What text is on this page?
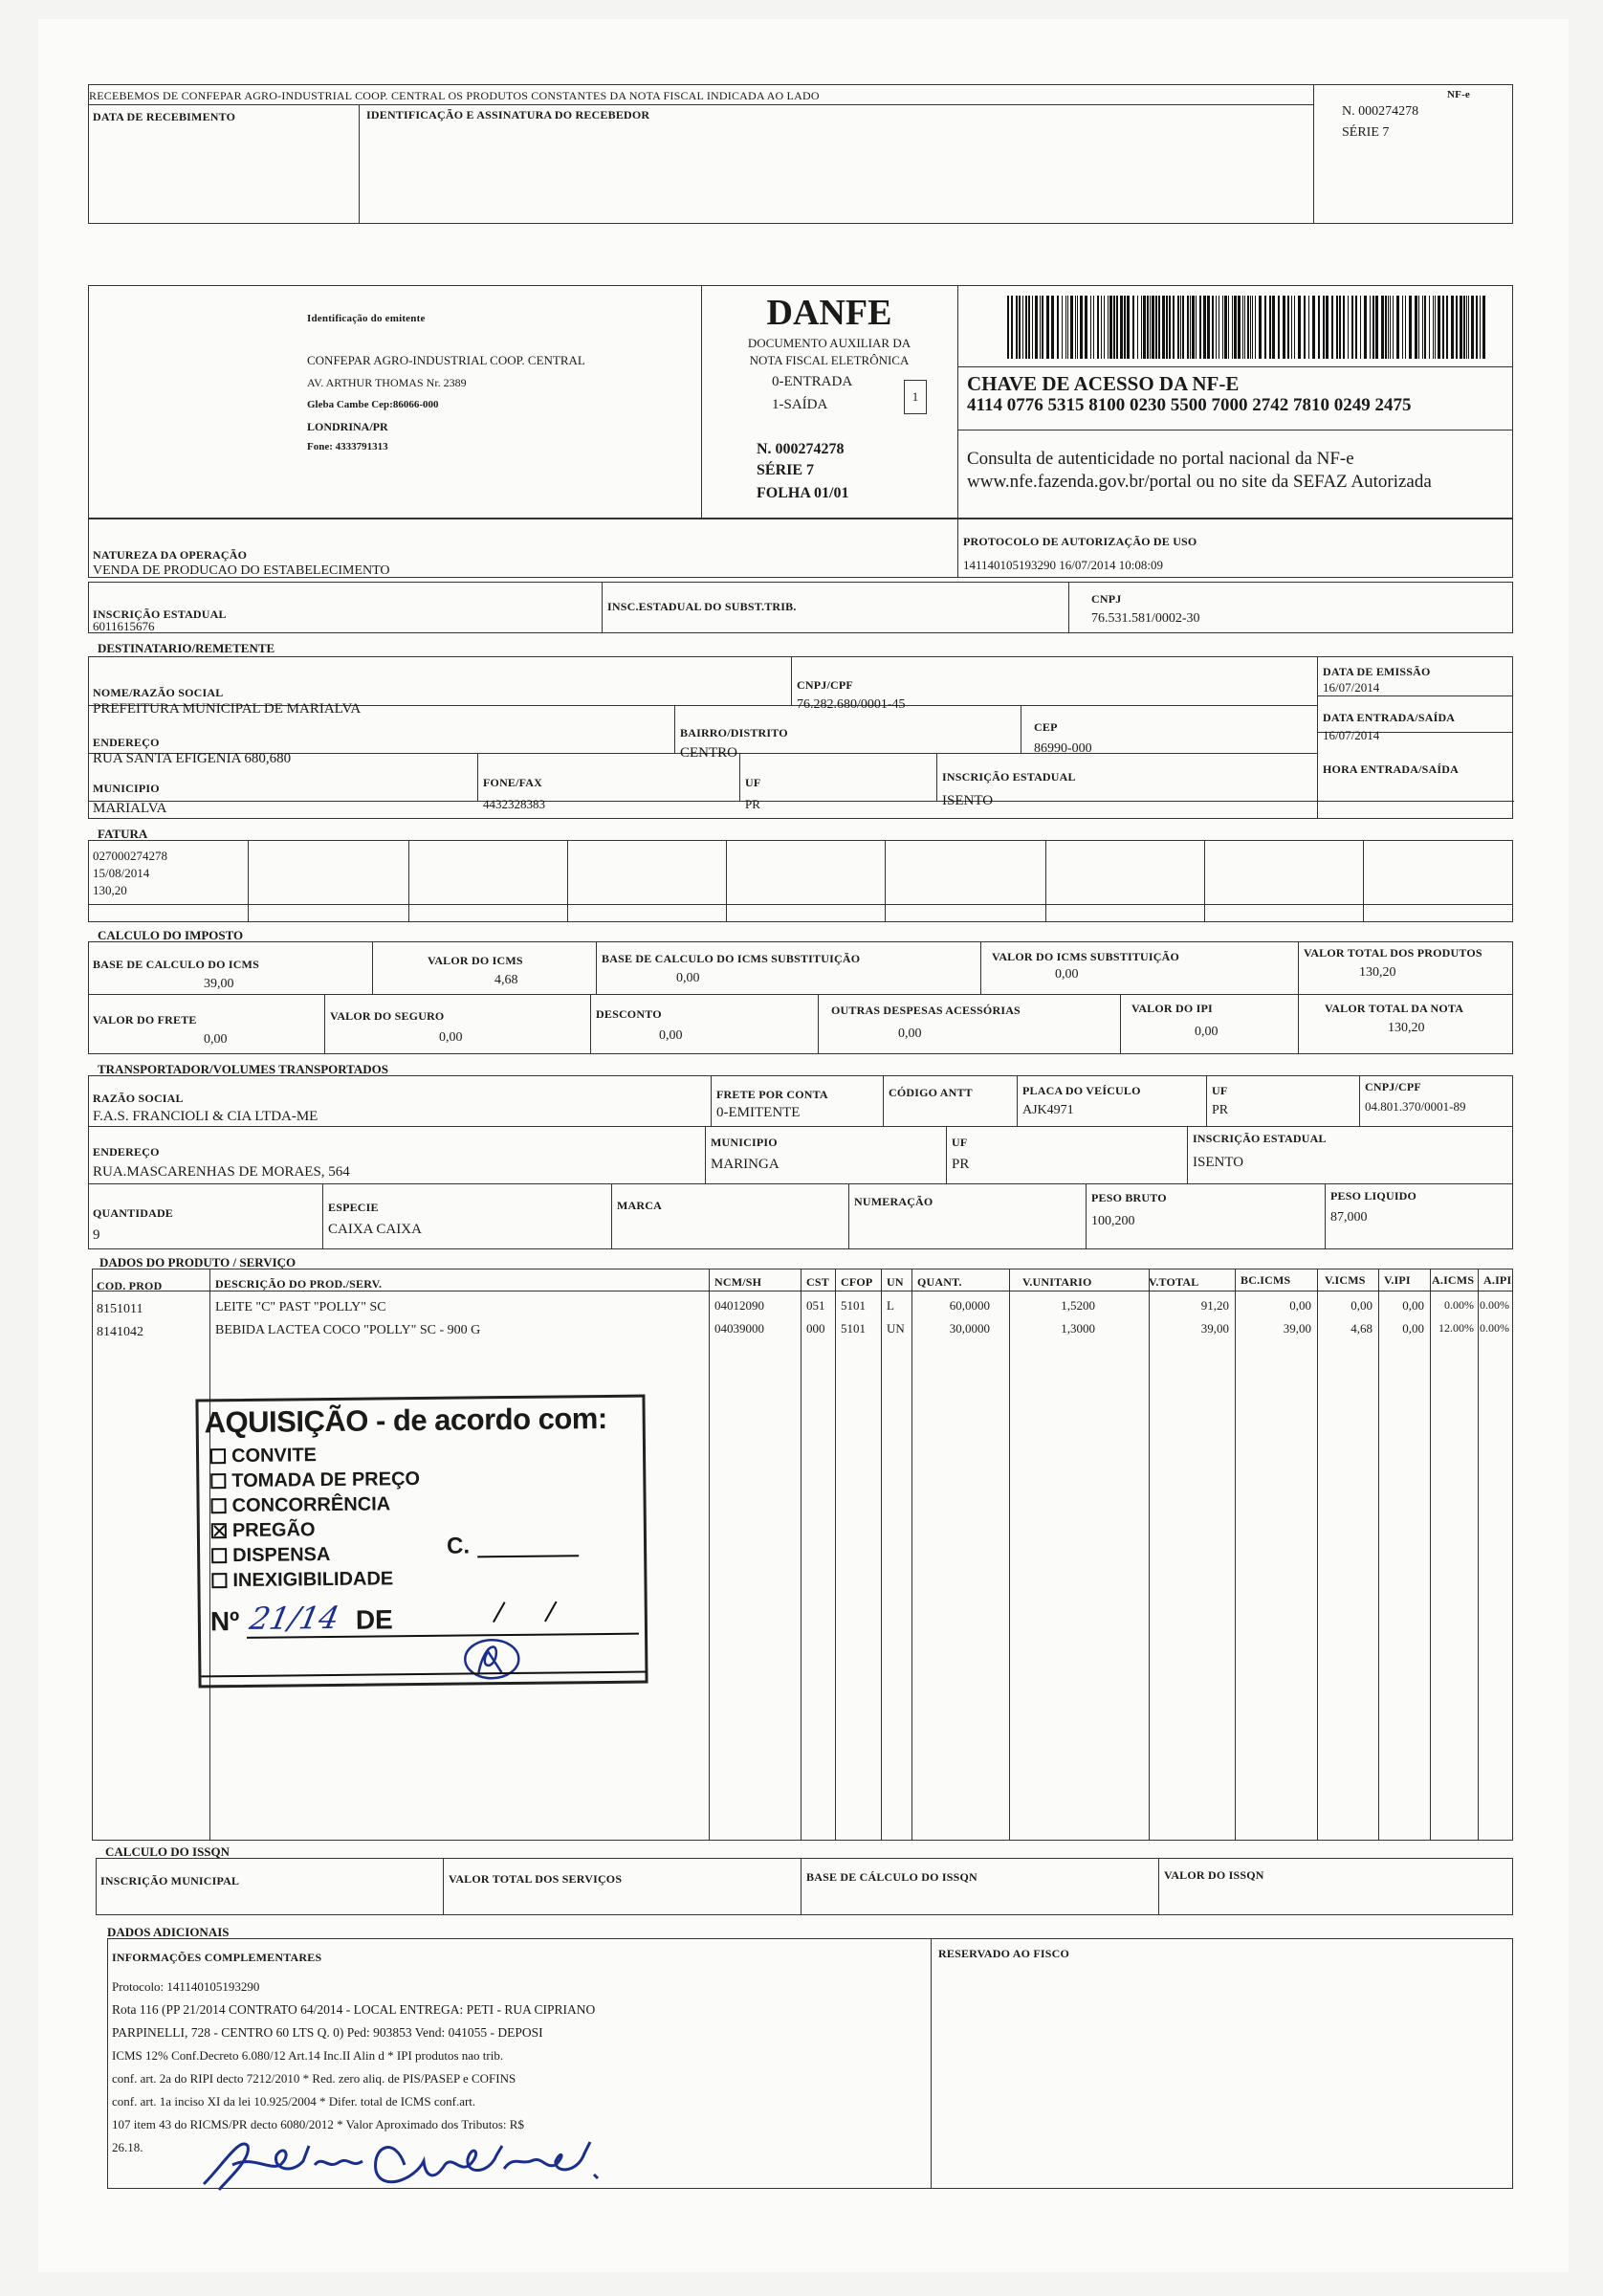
RECEBEMOS DE CONFEPAR AGRO-INDUSTRIAL COOP. CENTRAL OS PRODUTOS CONSTANTES DA NOTA FISCAL INDICADA AO LADO
DATA DE RECEBIMENTO	IDENTIFICAÇÃO E ASSINATURA DO RECEBEDOR
NF-e
N. 000274278
SÉRIE 7
Identificação do emitente
CONFEPAR AGRO-INDUSTRIAL COOP. CENTRAL
AV. ARTHUR THOMAS Nr. 2389
Gleba Cambe Cep:86066-000
LONDRINA/PR
Fone: 4333791313
DANFE
DOCUMENTO AUXILIAR DA
NOTA FISCAL ELETRÔNICA
0-ENTRADA
1-SAÍDA
1
N. 000274278
SÉRIE 7
FOLHA 01/01
CHAVE DE ACESSO DA NF-E
4114 0776 5315 8100 0230 5500 7000 2742 7810 0249 2475
Consulta de autenticidade no portal nacional da NF-e
www.nfe.fazenda.gov.br/portal ou no site da SEFAZ Autorizada
NATUREZA DA OPERAÇÃO
VENDA DE PRODUCAO DO ESTABELECIMENTO
PROTOCOLO DE AUTORIZAÇÃO DE USO
141140105193290 16/07/2014 10:08:09
INSCRIÇÃO ESTADUAL
6011615676
INSC.ESTADUAL DO SUBST.TRIB.
CNPJ
76.531.581/0002-30
DESTINATARIO/REMETENTE
NOME/RAZÃO SOCIAL
PREFEITURA MUNICIPAL DE MARIALVA
CNPJ/CPF
76.282.680/0001-45
DATA DE EMISSÃO
16/07/2014
ENDEREÇO
RUA SANTA EFIGENIA 680,680
BAIRRO/DISTRITO
CENTRO
CEP
86990-000
DATA ENTRADA/SAÍDA
16/07/2014
MUNICIPIO
MARIALVA
FONE/FAX
4432328383
UF
PR
INSCRIÇÃO ESTADUAL
ISENTO
HORA ENTRADA/SAÍDA
FATURA
027000274278
15/08/2014
130,20
CALCULO DO IMPOSTO
BASE DE CALCULO DO ICMS
39,00
VALOR DO ICMS
4,68
BASE DE CALCULO DO ICMS SUBSTITUIÇÃO
0,00
VALOR DO ICMS SUBSTITUIÇÃO
0,00
VALOR TOTAL DOS PRODUTOS
130,20
VALOR DO FRETE
0,00
VALOR DO SEGURO
0,00
DESCONTO
0,00
OUTRAS DESPESAS ACESSÓRIAS
0,00
VALOR DO IPI
0,00
VALOR TOTAL DA NOTA
130,20
TRANSPORTADOR/VOLUMES TRANSPORTADOS
RAZÃO SOCIAL
F.A.S. FRANCIOLI & CIA LTDA-ME
FRETE POR CONTA
0-EMITENTE
CÓDIGO ANTT	PLACA DO VEÍCULO
AJK4971
UF
PR
CNPJ/CPF
04.801.370/0001-89
ENDEREÇO
RUA.MASCARENHAS DE MORAES, 564
MUNICIPIO
MARINGA
UF
PR
INSCRIÇÃO ESTADUAL
ISENTO
QUANTIDADE
9
ESPECIE
CAIXA CAIXA
MARCA	NUMERAÇÃO	PESO BRUTO
100,200
PESO LIQUIDO
87,000
DADOS DO PRODUTO / SERVIÇO
COD. PROD	DESCRIÇÃO DO PROD./SERV.	NCM/SH	CST CFOP UN QUANT.	V.UNITARIO	V.TOTAL	BC.ICMS	V.ICMS V.IPI A.ICMS A.IPI
8151011	LEITE "C" PAST "POLLY" SC	04012090	051 5101 L	60,0000	1,5200	91,20	0,00	0,00	0,00	0.00% 0.00%
8141042	BEBIDA LACTEA COCO "POLLY" SC - 900 G	04039000	000 5101 UN	30,0000	1,3000	39,00	39,00	4,68	0,00	12.00% 0.00%
AQUISIÇÃO - de acordo com:
CONVITE
TOMADA DE PREÇO
CONCORRÊNCIA
PREGÃO
DISPENSA
INEXIGIBILIDADE
C.
Nº 21/14 DE
CALCULO DO ISSQN
INSCRIÇÃO MUNICIPAL	VALOR TOTAL DOS SERVIÇOS	BASE DE CÁLCULO DO ISSQN	VALOR DO ISSQN
DADOS ADICIONAIS
INFORMAÇÕES COMPLEMENTARES	RESERVADO AO FISCO
Protocolo: 141140105193290
Rota 116 (PP 21/2014 CONTRATO 64/2014 - LOCAL ENTREGA: PETI - RUA CIPRIANO
PARPINELLI, 728 - CENTRO 60 LTS Q. 0) Ped: 903853 Vend: 041055 - DEPOSI
ICMS 12% Conf.Decreto 6.080/12 Art.14 Inc.II Alin d * IPI produtos nao trib.
conf. art. 2a do RIPI decto 7212/2010 * Red. zero aliq. de PIS/PASEP e COFINS
conf. art. 1a inciso XI da lei 10.925/2004 * Difer. total de ICMS conf.art.
107 item 43 do RICMS/PR decto 6080/2012 * Valor Aproximado dos Tributos: R$
26.18.
